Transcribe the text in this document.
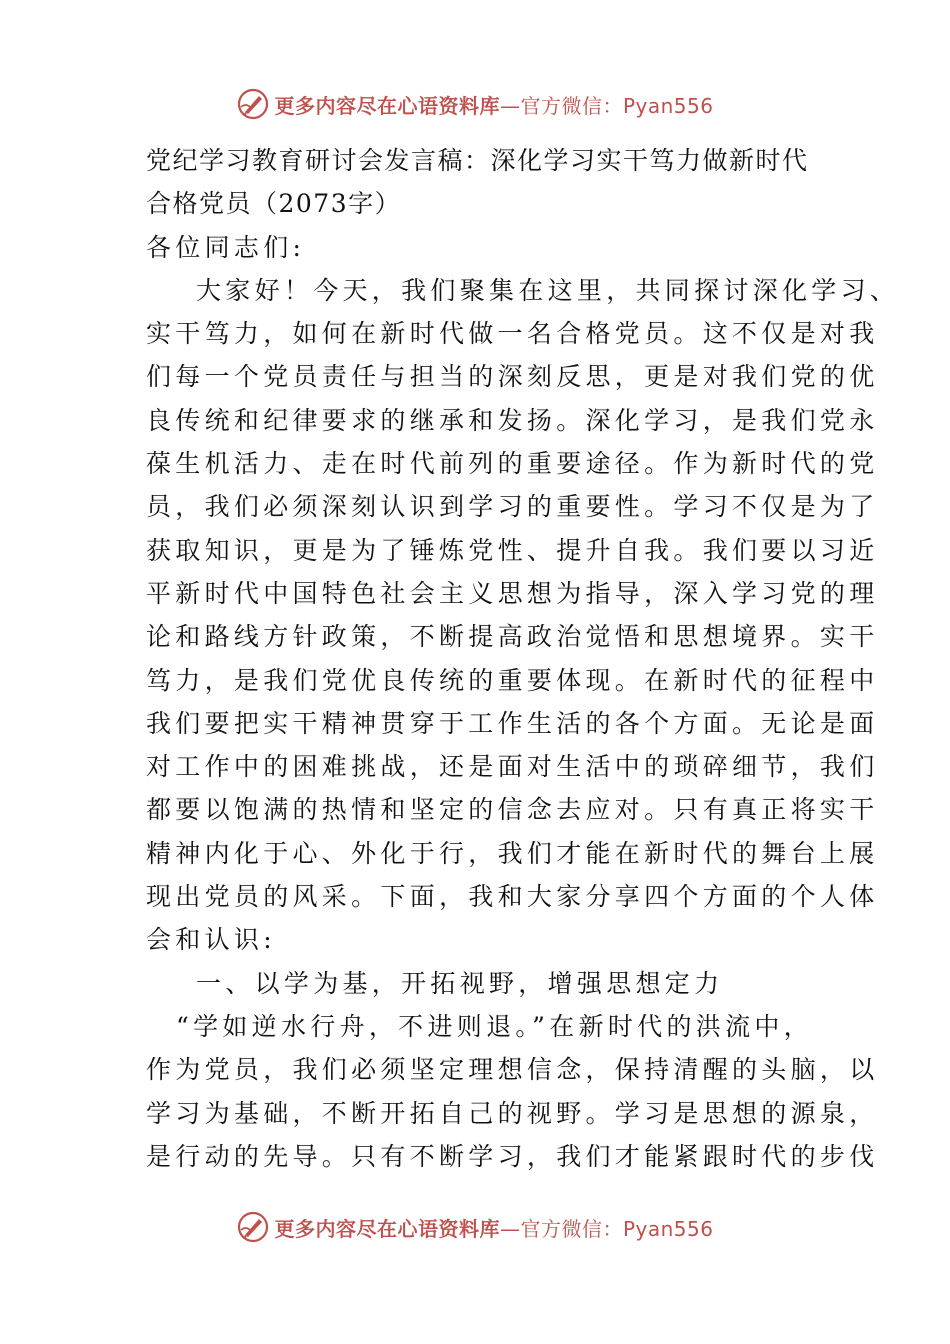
更多内容尽在心语资料库—官方微信：Pyan556
党纪学习教育研讨会发言稿：深化学习实干笃力做新时代
合格党员（2073字）
各位同志们:
大家好！今天，我们聚集在这里，共同探讨深化学习、
实干笃力，如何在新时代做一名合格党员。这不仅是对我
们每一个党员责任与担当的深刻反思，更是对我们党的优
良传统和纪律要求的继承和发扬。深化学习，是我们党永
葆生机活力、走在时代前列的重要途径。作为新时代的党
员，我们必须深刻认识到学习的重要性。学习不仅是为了
获取知识，更是为了锤炼党性、提升自我。我们要以习近
平新时代中国特色社会主义思想为指导，深入学习党的理
论和路线方针政策，不断提高政治觉悟和思想境界。实干
笃力，是我们党优良传统的重要体现。在新时代的征程中
我们要把实干精神贯穿于工作生活的各个方面。无论是面
对工作中的困难挑战，还是面对生活中的琐碎细节，我们
都要以饱满的热情和坚定的信念去应对。只有真正将实干
精神内化于心、外化于行，我们才能在新时代的舞台上展
现出党员的风采。下面，我和大家分享四个方面的个人体
会和认识:
一、以学为基，开拓视野，增强思想定力
“学如逆水行舟，不进则退。”在新时代的洪流中，
作为党员，我们必须坚定理想信念，保持清醒的头脑，以
学习为基础，不断开拓自己的视野。学习是思想的源泉，
是行动的先导。只有不断学习，我们才能紧跟时代的步伐
更多内容尽在心语资料库—官方微信：Pyan556
